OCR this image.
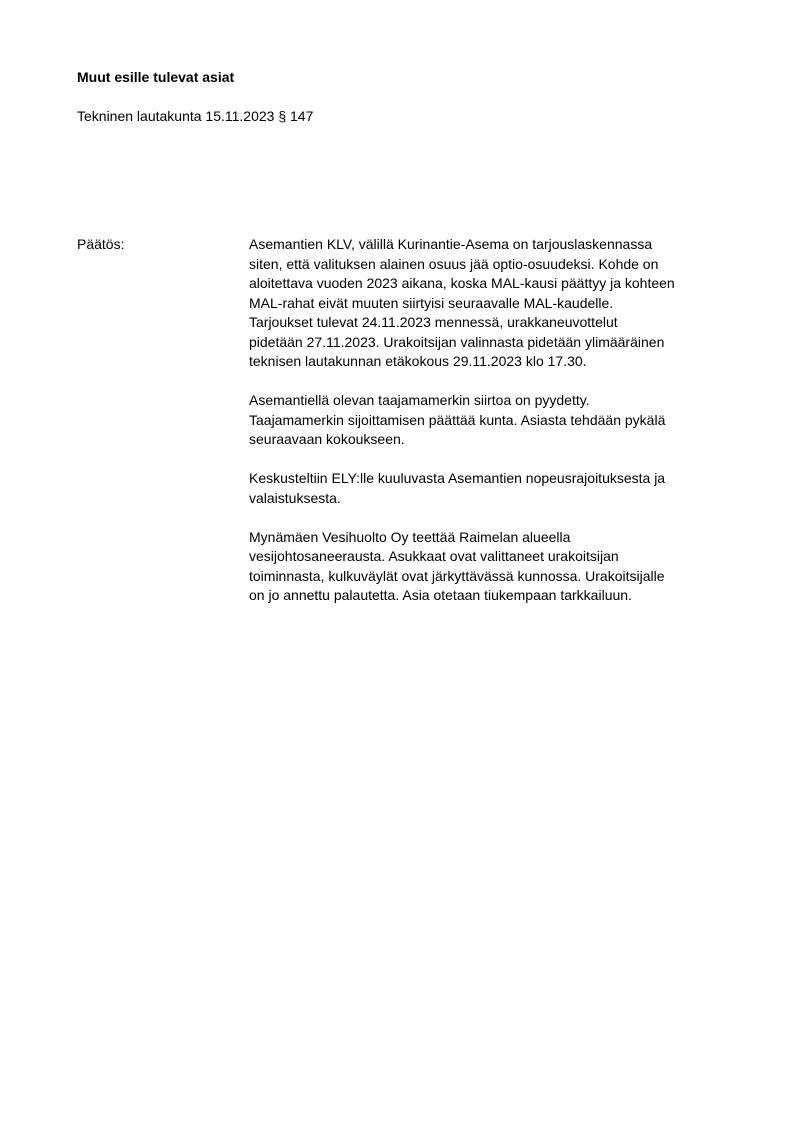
Muut esille tulevat asiat
Tekninen lautakunta 15.11.2023 § 147
Päätös:	Asemantien KLV, välillä Kurinantie-Asema on tarjouslaskennassa
siten, että valituksen alainen osuus jää optio-osuudeksi. Kohde on
aloitettava vuoden 2023 aikana, koska MAL-kausi päättyy ja kohteen
MAL-rahat eivät muuten siirtyisi seuraavalle MAL-kaudelle.
Tarjoukset tulevat 24.11.2023 mennessä, urakkaneuvottelut
pidetään 27.11.2023. Urakoitsijan valinnasta pidetään ylimääräinen
teknisen lautakunnan etäkokous 29.11.2023 klo 17.30.
Asemantiellä olevan taajamamerkin siirtoa on pyydetty.
Taajamamerkin sijoittamisen päättää kunta. Asiasta tehdään pykälä
seuraavaan kokoukseen.
Keskusteltiin ELY:lle kuuluvasta Asemantien nopeusrajoituksesta ja
valaistuksesta.
Mynämäen Vesihuolto Oy teettää Raimelan alueella
vesijohtosaneerausta. Asukkaat ovat valittaneet urakoitsijan
toiminnasta, kulkuväylät ovat järkyttävässä kunnossa. Urakoitsijalle
on jo annettu palautetta. Asia otetaan tiukempaan tarkkailuun.
